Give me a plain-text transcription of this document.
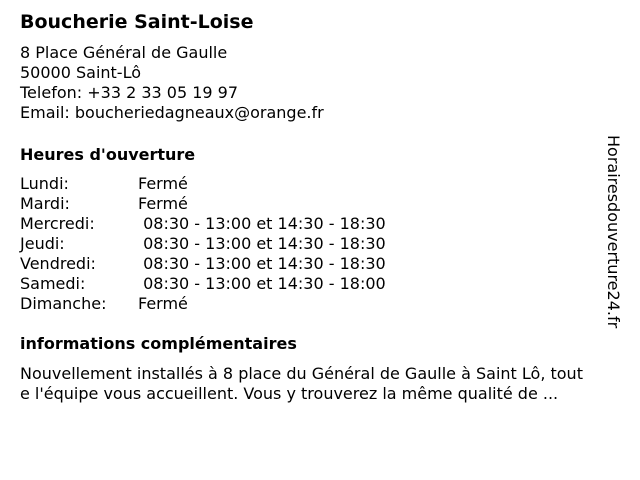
Boucherie Saint-Loise
8 Place Général de Gaulle
50000 Saint-Lô
Telefon: +33 2 33 05 19 97
Email: boucheriedagneaux@orange.fr
Heures d'ouverture
Lundi:	Fermé
Mardi:	Fermé
Mercredi:	08:30 - 13:00 et 14:30 - 18:30
Jeudi:	08:30 - 13:00 et 14:30 - 18:30
Vendredi:	08:30 - 13:00 et 14:30 - 18:30
Samedi:	08:30 - 13:00 et 14:30 - 18:00
Dimanche:	Fermé
informations complémentaires
Nouvellement installés à 8 place du Général de Gaulle à Saint Lô, tout
e l'équipe vous accueillent. Vous y trouverez la même qualité de ...
Horairesdouverture24.fr
